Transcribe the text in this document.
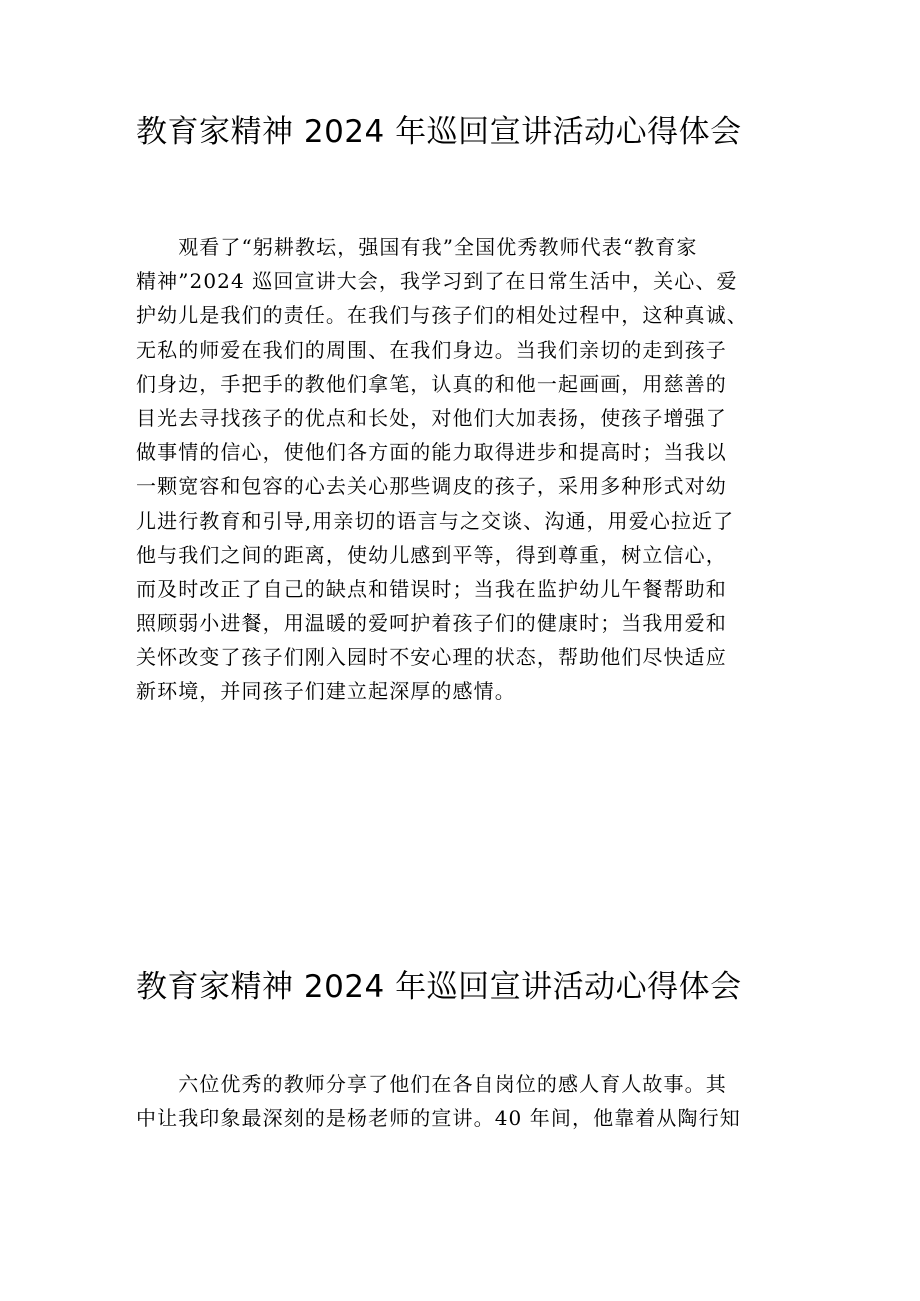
教育家精神 2024 年巡回宣讲活动心得体会
　　观看了“躬耕教坛，强国有我”全国优秀教师代表“教育家
精神”2024 巡回宣讲大会，我学习到了在日常生活中，关心、爱
护幼儿是我们的责任。在我们与孩子们的相处过程中，这种真诚、
无私的师爱在我们的周围、在我们身边。当我们亲切的走到孩子
们身边，手把手的教他们拿笔，认真的和他一起画画，用慈善的
目光去寻找孩子的优点和长处，对他们大加表扬，使孩子增强了
做事情的信心，使他们各方面的能力取得进步和提高时；当我以
一颗宽容和包容的心去关心那些调皮的孩子，采用多种形式对幼
儿进行教育和引导,用亲切的语言与之交谈、沟通，用爱心拉近了
他与我们之间的距离，使幼儿感到平等，得到尊重，树立信心，
而及时改正了自己的缺点和错误时；当我在监护幼儿午餐帮助和
照顾弱小进餐，用温暖的爱呵护着孩子们的健康时；当我用爱和
关怀改变了孩子们刚入园时不安心理的状态，帮助他们尽快适应
新环境，并同孩子们建立起深厚的感情。
教育家精神 2024 年巡回宣讲活动心得体会
　　六位优秀的教师分享了他们在各自岗位的感人育人故事。其
中让我印象最深刻的是杨老师的宣讲。40 年间，他靠着从陶行知
